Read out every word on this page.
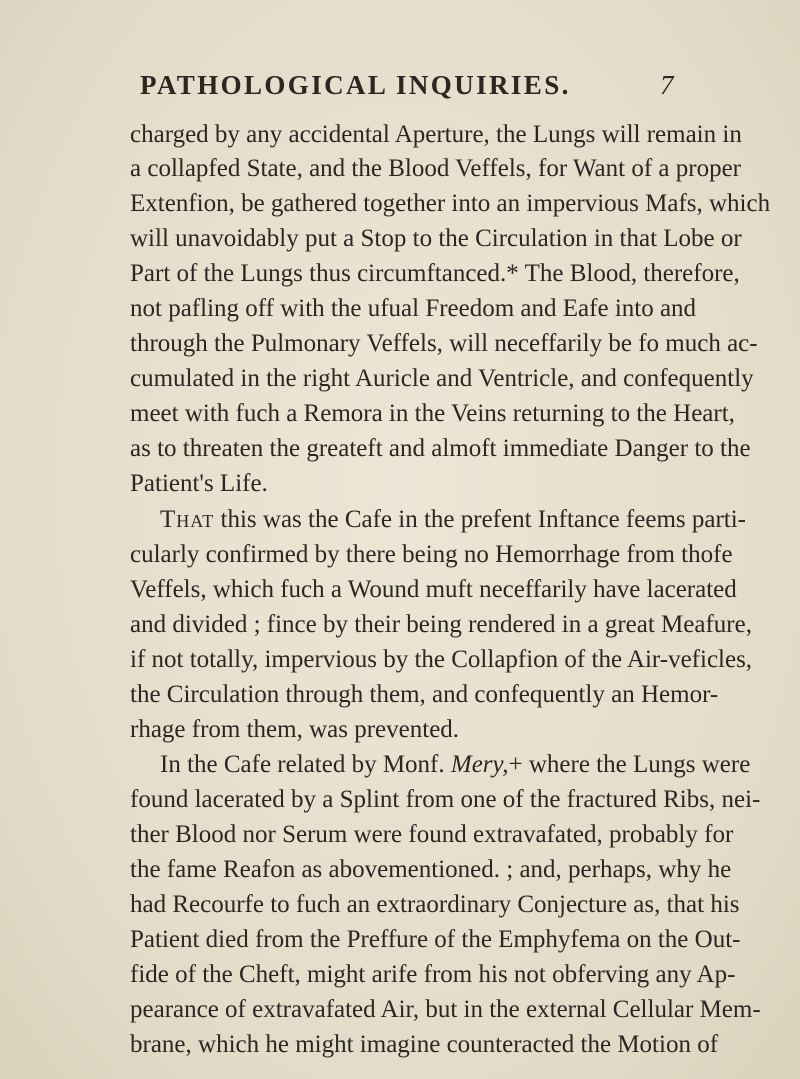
PATHOLOGICAL INQUIRIES.	7
charged by any accidental Aperture, the Lungs will remain in
a collapfed State, and the Blood Veffels, for Want of a proper
Extenfion, be gathered together into an impervious Mafs, which
will unavoidably put a Stop to the Circulation in that Lobe or
Part of the Lungs thus circumftanced.* The Blood, therefore,
not pafling off with the ufual Freedom and Eafe into and
through the Pulmonary Veffels, will neceffarily be fo much ac-
cumulated in the right Auricle and Ventricle, and confequently
meet with fuch a Remora in the Veins returning to the Heart,
as to threaten the greateft and almoft immediate Danger to the
Patient's Life.
That this was the Cafe in the prefent Inftance feems parti-
cularly confirmed by there being no Hemorrhage from thofe
Veffels, which fuch a Wound muft neceffarily have lacerated
and divided ; fince by their being rendered in a great Meafure,
if not totally, impervious by the Collapfion of the Air-veficles,
the Circulation through them, and confequently an Hemor-
rhage from them, was prevented.
In the Cafe related by Monf. Mery,+ where the Lungs were
found lacerated by a Splint from one of the fractured Ribs, nei-
ther Blood nor Serum were found extravafated, probably for
the fame Reafon as abovementioned. ; and, perhaps, why he
had Recourfe to fuch an extraordinary Conjecture as, that his
Patient died from the Preffure of the Emphyfema on the Out-
fide of the Cheft, might arife from his not obferving any Ap-
pearance of extravafated Air, but in the external Cellular Mem-
brane, which he might imagine counteracted the Motion of
